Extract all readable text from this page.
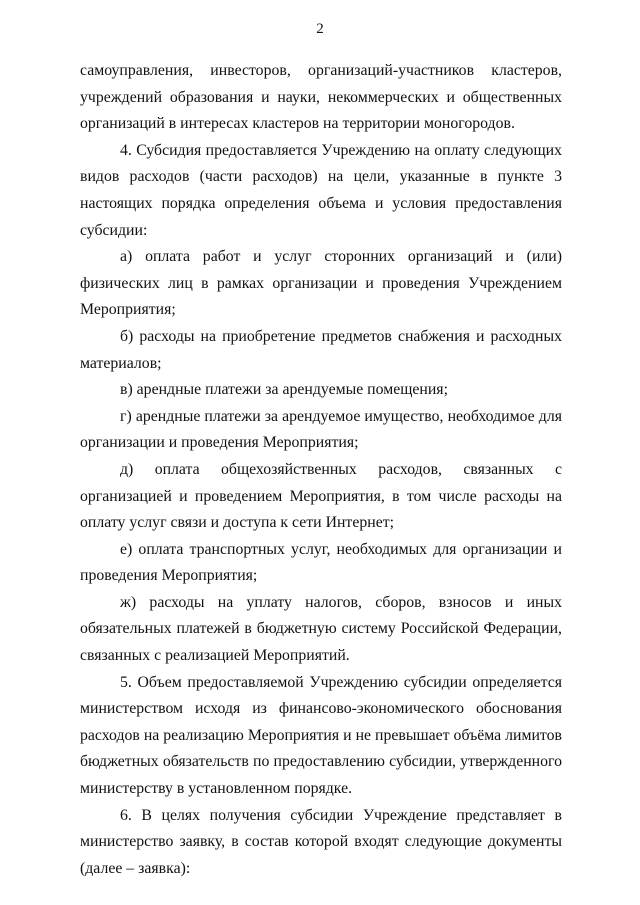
2

самоуправления, инвесторов, организаций-участников кластеров, учреждений образования и науки, некоммерческих и общественных организаций в интересах кластеров на территории моногородов.

4. Субсидия предоставляется Учреждению на оплату следующих видов расходов (части расходов) на цели, указанные в пункте 3 настоящих порядка определения объема и условия предоставления субсидии:

а) оплата работ и услуг сторонних организаций и (или) физических лиц в рамках организации и проведения Учреждением Мероприятия;

б) расходы на приобретение предметов снабжения и расходных материалов;

в) арендные платежи за арендуемые помещения;

г) арендные платежи за арендуемое имущество, необходимое для организации и проведения Мероприятия;

д) оплата общехозяйственных расходов, связанных с организацией и проведением Мероприятия, в том числе расходы на оплату услуг связи и доступа к сети Интернет;

е) оплата транспортных услуг, необходимых для организации и проведения Мероприятия;

ж) расходы на уплату налогов, сборов, взносов и иных обязательных платежей в бюджетную систему Российской Федерации, связанных с реализацией Мероприятий.

5. Объем предоставляемой Учреждению субсидии определяется министерством исходя из финансово-экономического обоснования расходов на реализацию Мероприятия и не превышает объёма лимитов бюджетных обязательств по предоставлению субсидии, утвержденного министерству в установленном порядке.

6. В целях получения субсидии Учреждение представляет в министерство заявку, в состав которой входят следующие документы (далее – заявка):
